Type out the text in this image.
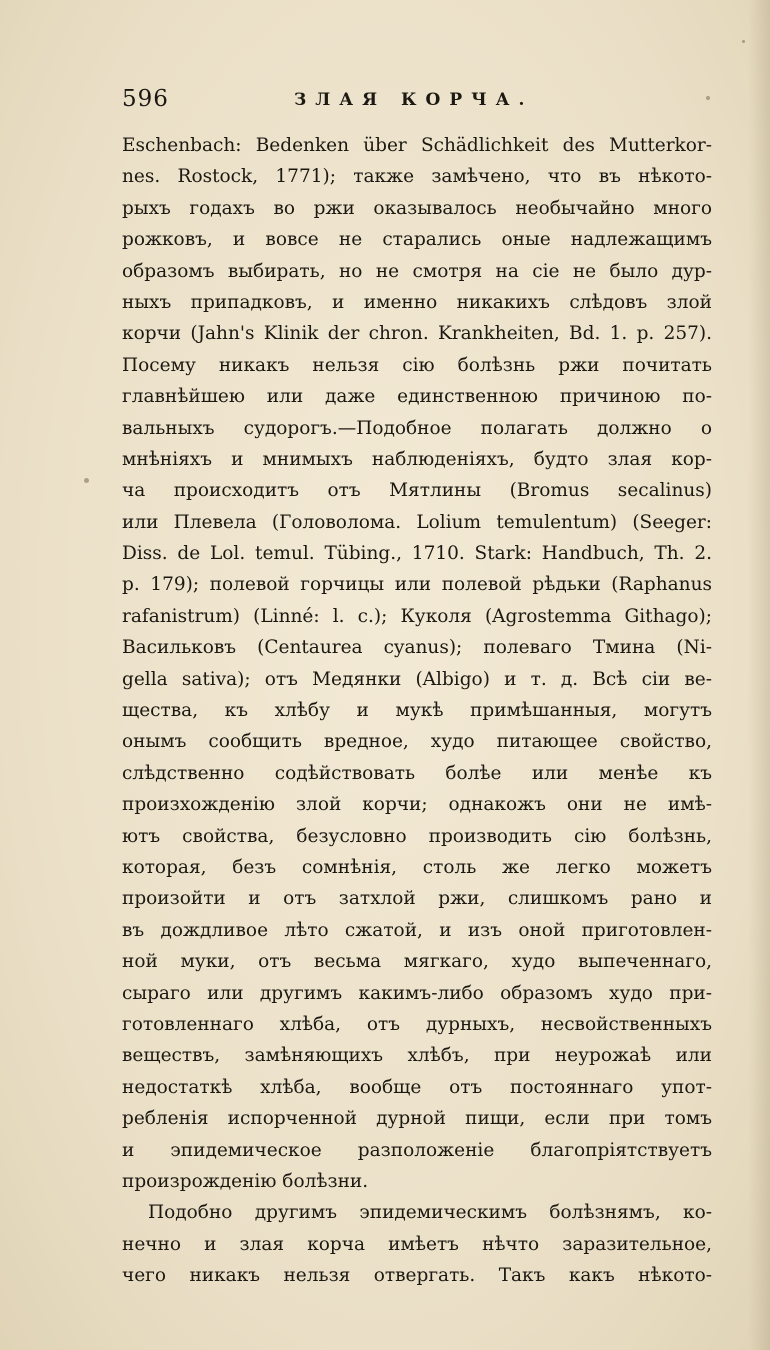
596	ЗЛАЯ КОРЧА.
Eschenbach: Bedenken über Schädlichkeit des Mutterkor-
nes. Rostock, 1771); также замѣчено, что въ нѣкото-
рыхъ годахъ во ржи оказывалось необычайно много
рожковъ, и вовсе не старались оные надлежащимъ
образомъ выбирать, но не смотря на сіе не было дур-
ныхъ припадковъ, и именно никакихъ слѣдовъ злой
корчи (Jahn's Klinik der chron. Krankheiten, Bd. 1. p. 257).
Посему никакъ нельзя сію болѣзнь ржи почитать
главнѣйшею или даже единственною причиною по-
вальныхъ судорогъ.—Подобное полагать должно о
мнѣніяхъ и мнимыхъ наблюденіяхъ, будто злая кор-
ча происходитъ отъ Мятлины (Bromus secalinus)
или Плевела (Головолома. Lolium temulentum) (Seeger:
Diss. de Lol. temul. Tübing., 1710. Stark: Handbuch, Th. 2.
p. 179); полевой горчицы или полевой рѣдьки (Raphanus
rafanistrum) (Linné: l. c.); Куколя (Agrostemma Githago);
Васильковъ (Centaurea cyanus); полеваго Тмина (Ni-
gella sativa); отъ Медянки (Albigo) и т. д. Всѣ сіи ве-
щества, къ хлѣбу и мукѣ примѣшанныя, могутъ
онымъ сообщить вредное, худо питающее свойство,
слѣдственно содѣйствовать болѣе или менѣе къ
произхожденію злой корчи; однакожъ они не имѣ-
ютъ свойства, безусловно производить сію болѣзнь,
которая, безъ сомнѣнія, столь же легко можетъ
произойти и отъ затхлой ржи, слишкомъ рано и
въ дождливое лѣто сжатой, и изъ оной приготовлен-
ной муки, отъ весьма мягкаго, худо выпеченнаго,
сыраго или другимъ какимъ-либо образомъ худо при-
готовленнаго хлѣба, отъ дурныхъ, несвойственныхъ
веществъ, замѣняющихъ хлѣбъ, при неурожаѣ или
недостаткѣ хлѣба, вообще отъ постояннаго упот-
ребленія испорченной дурной пищи, если при томъ
и эпидемическое разположеніе благопріятствуетъ
произрожденію болѣзни.
Подобно другимъ эпидемическимъ болѣзнямъ, ко-
нечно и злая корча имѣетъ нѣчто заразительное,
чего никакъ нельзя отвергать. Такъ какъ нѣкото-
